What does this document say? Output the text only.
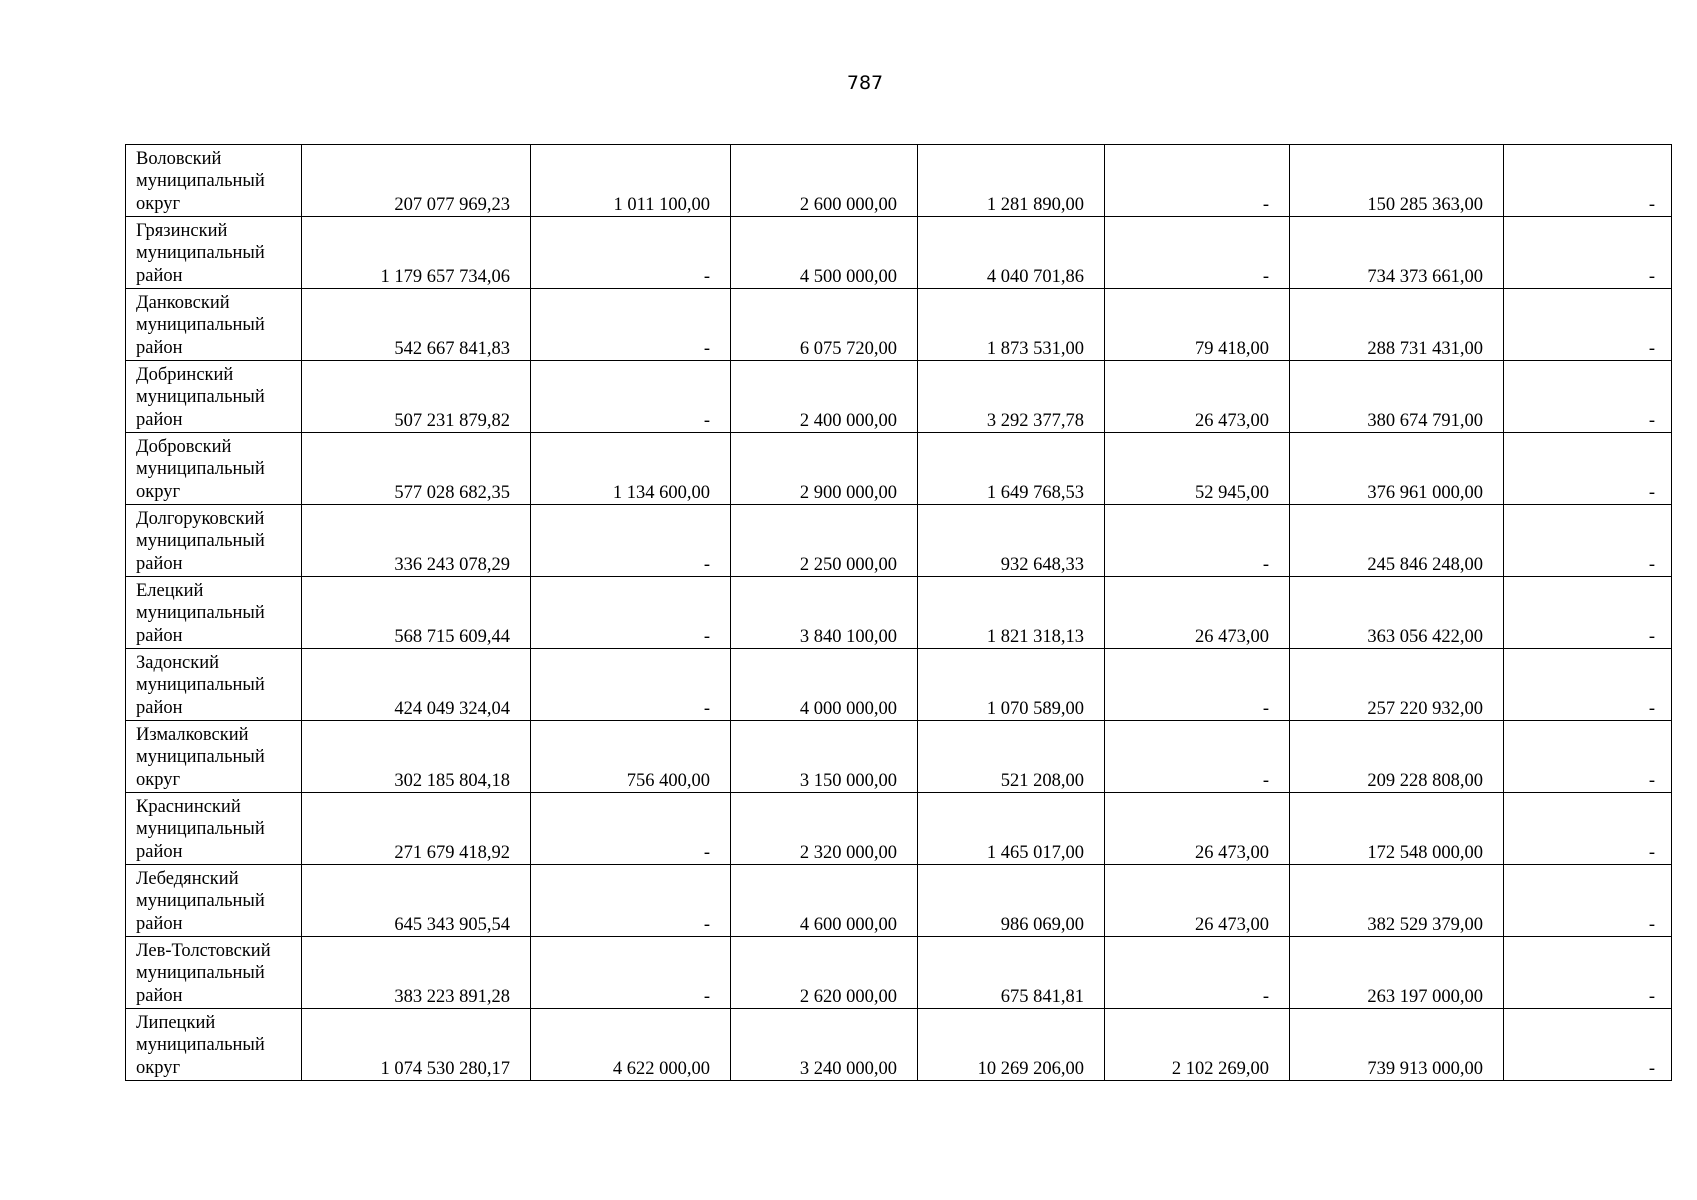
787
Воловский муниципальный округ	207 077 969,23	1 011 100,00	2 600 000,00	1 281 890,00	-	150 285 363,00	-
Грязинский муниципальный район	1 179 657 734,06	-	4 500 000,00	4 040 701,86	-	734 373 661,00	-
Данковский муниципальный район	542 667 841,83	-	6 075 720,00	1 873 531,00	79 418,00	288 731 431,00	-
Добринский муниципальный район	507 231 879,82	-	2 400 000,00	3 292 377,78	26 473,00	380 674 791,00	-
Добровский муниципальный округ	577 028 682,35	1 134 600,00	2 900 000,00	1 649 768,53	52 945,00	376 961 000,00	-
Долгоруковский муниципальный район	336 243 078,29	-	2 250 000,00	932 648,33	-	245 846 248,00	-
Елецкий муниципальный район	568 715 609,44	-	3 840 100,00	1 821 318,13	26 473,00	363 056 422,00	-
Задонский муниципальный район	424 049 324,04	-	4 000 000,00	1 070 589,00	-	257 220 932,00	-
Измалковский муниципальный округ	302 185 804,18	756 400,00	3 150 000,00	521 208,00	-	209 228 808,00	-
Краснинский муниципальный район	271 679 418,92	-	2 320 000,00	1 465 017,00	26 473,00	172 548 000,00	-
Лебедянский муниципальный район	645 343 905,54	-	4 600 000,00	986 069,00	26 473,00	382 529 379,00	-
Лев-Толстовский муниципальный район	383 223 891,28	-	2 620 000,00	675 841,81	-	263 197 000,00	-
Липецкий муниципальный округ	1 074 530 280,17	4 622 000,00	3 240 000,00	10 269 206,00	2 102 269,00	739 913 000,00	-
